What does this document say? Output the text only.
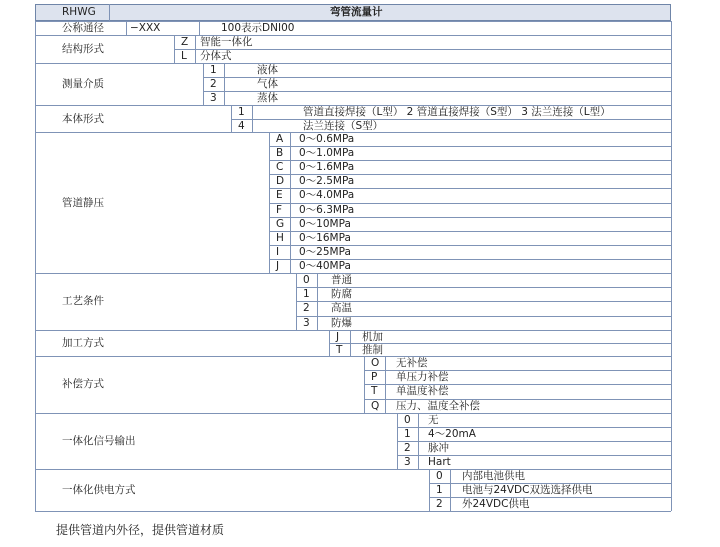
RHWG	弯管流量计
公称通径 −XXX	100表示DNI00
结构形式
Z 智能一体化
L 分体式
测量介质
1	液体
2	气体
3	蒸体
本体形式
1	管道直接焊接（L型） 2 管道直接焊接（S型） 3 法兰连接（L型）
4	法兰连接（S型）
管道静压
A 0～0.6MPa
B 0～1.0MPa
C 0～1.6MPa
D 0～2.5MPa
E 0～4.0MPa
F 0～6.3MPa
G 0～10MPa
H 0～16MPa
I 0～25MPa
J 0～40MPa
工艺条件
0 普通
1 防腐
2 高温
3 防爆
加工方式	J 机加
T 推制
补偿方式
O 无补偿
P 单压力补偿
T 单温度补偿
Q 压力、温度全补偿
一体化信号输出
0 无
1 4～20mA
2 脉冲
3 Hart
一体化供电方式
0 内部电池供电
1 电池与24VDC双选选择供电
2 外24VDC供电
提供管道内外径，提供管道材质
